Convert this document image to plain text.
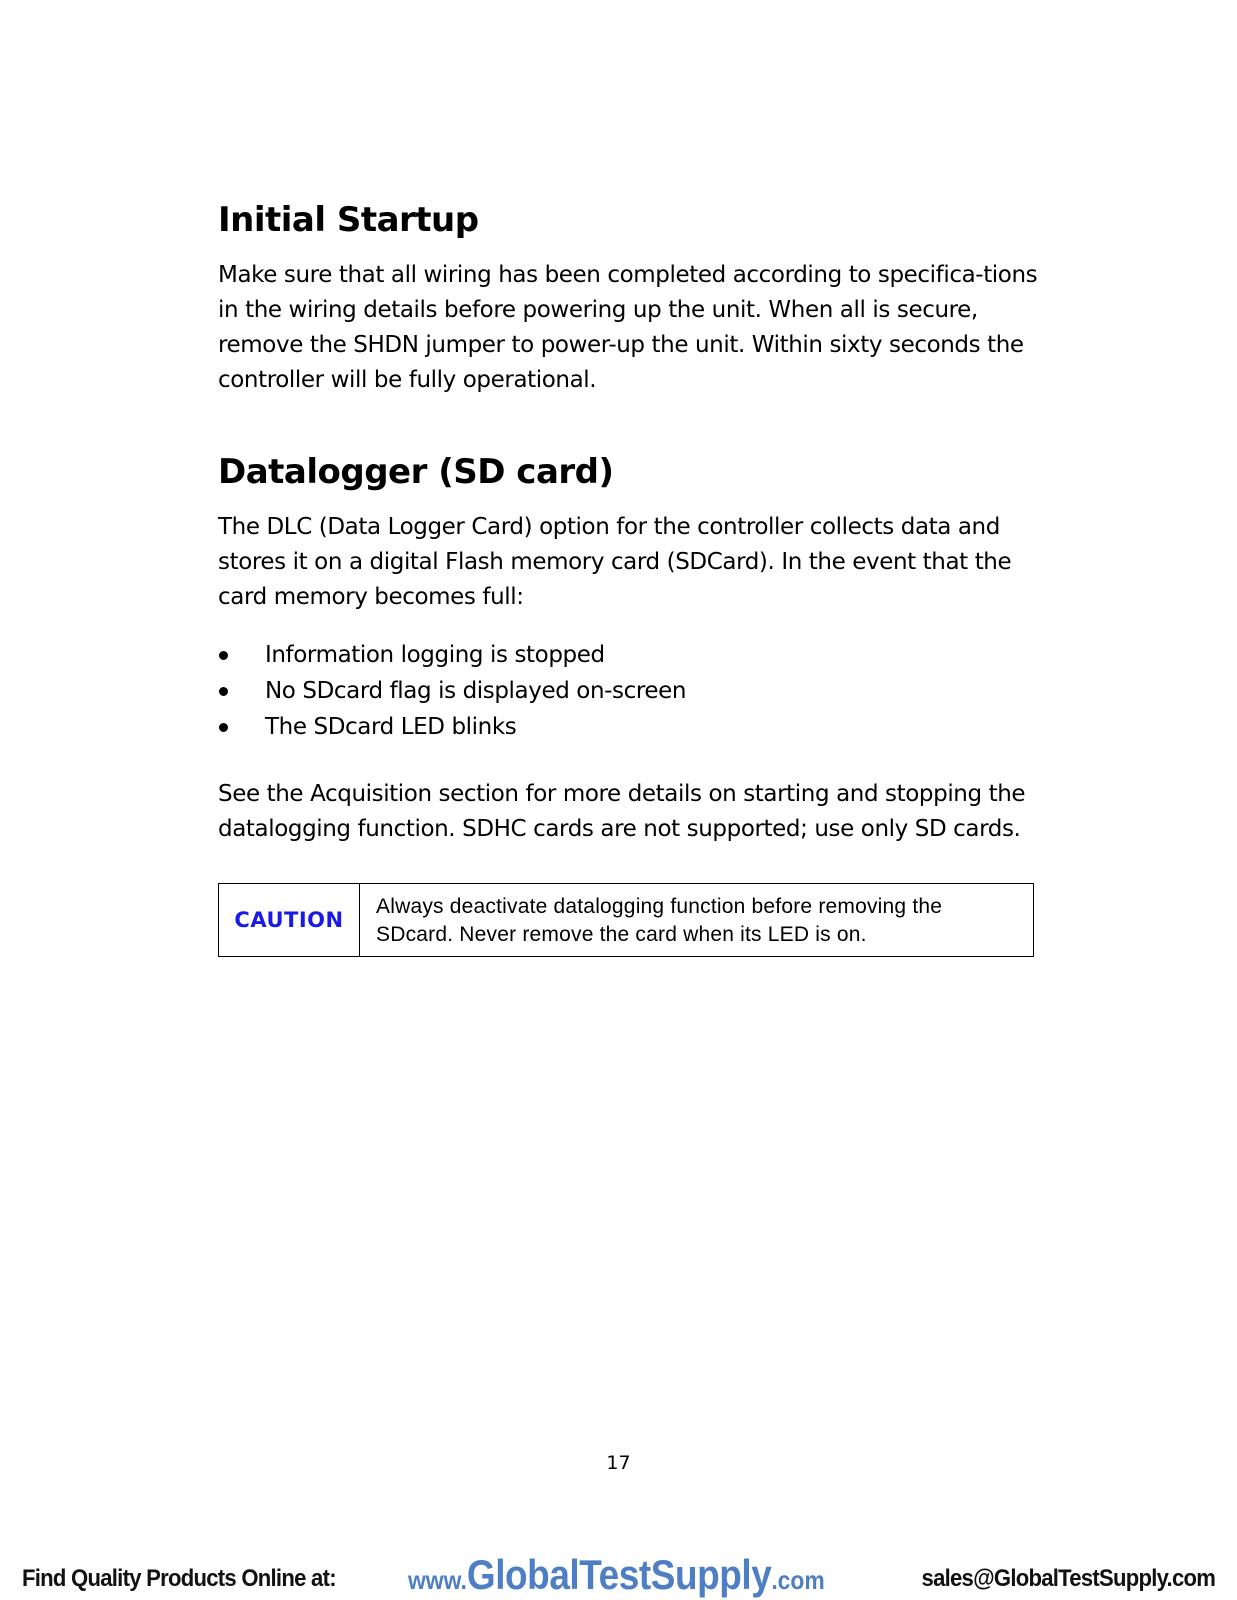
Initial Startup

Make sure that all wiring has been completed according to specifica-tions in the wiring details before powering up the unit. When all is secure, remove the SHDN jumper to power-up the unit. Within sixty seconds the controller will be fully operational.

Datalogger (SD card)

The DLC (Data Logger Card) option for the controller collects data and stores it on a digital Flash memory card (SDCard). In the event that the card memory becomes full:

Information logging is stopped
No SDcard flag is displayed on-screen
The SDcard LED blinks

See the Acquisition section for more details on starting and stopping the datalogging function. SDHC cards are not supported; use only SD cards.

CAUTION
Always deactivate datalogging function before removing the SDcard. Never remove the card when its LED is on.
17
Find Quality Products Online at:	www.GlobalTestSupply.com	sales@GlobalTestSupply.com
